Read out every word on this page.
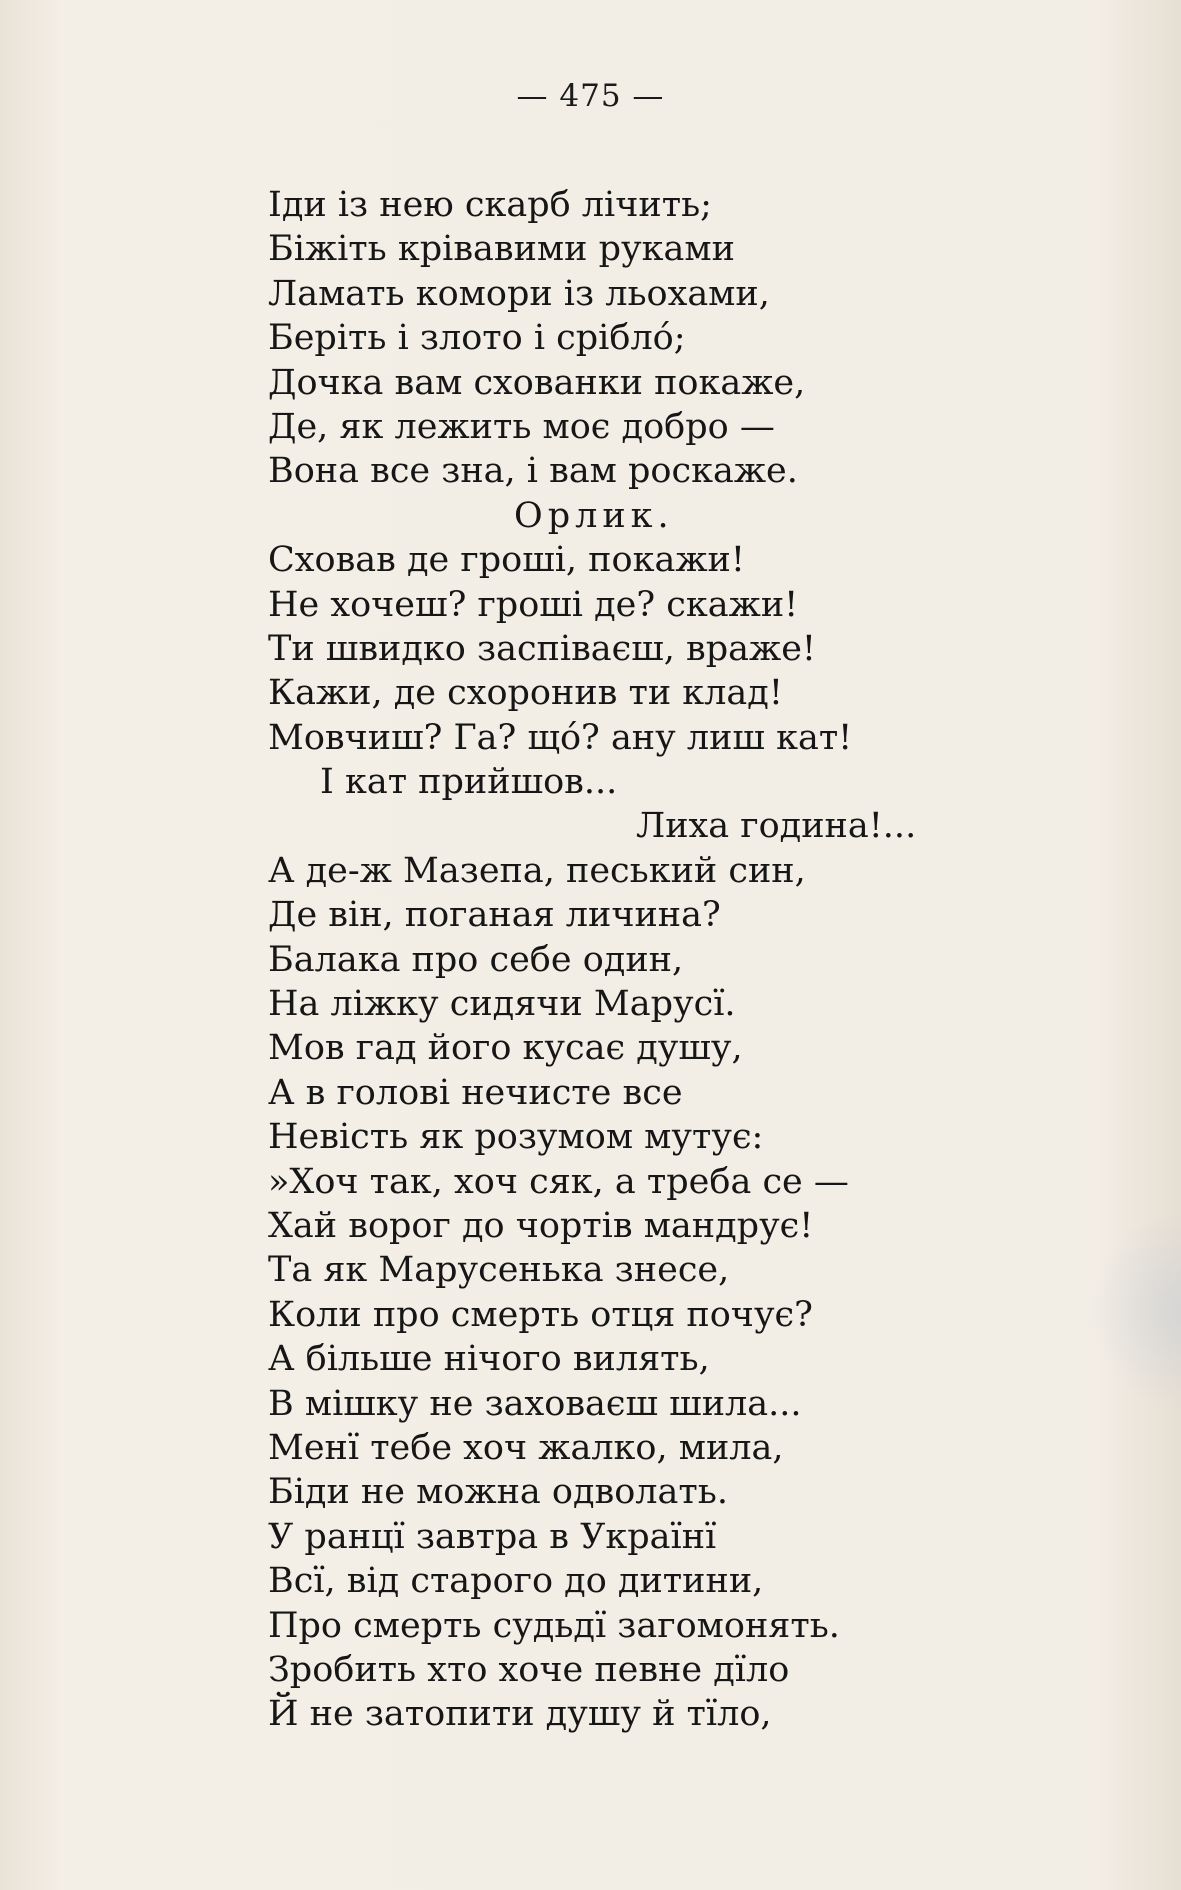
— 475 —
Іди із нею скарб лічить;
Біжіть крівавими руками
Ламать комори із льохами,
Беріть і злото і срібло́;
Дочка вам схованки покаже,
Де, як лежить моє добро —
Вона все зна, і вам роскаже.
Орлик.
Сховав де гроші, покажи!
Не хочеш? гроші де? скажи!
Ти швидко заспіваєш, враже!
Кажи, де схоронив ти клад!
Мовчиш? Га? що́? ану лиш кат!
І кат прийшов...
Лиха година!...
А де-ж Мазепа, песький син,
Де він, поганая личина?
Балака про себе один,
На ліжку сидячи Марусї.
Мов гад його кусає душу,
А в голові нечисте все
Невість як розумом мутує:
»Хоч так, хоч сяк, а треба се —
Хай ворог до чортів мандрує!
Та як Марусенька знесе,
Коли про смерть отця почує?
А більше нічого вилять,
В мішку не заховаєш шила...
Менї тебе хоч жалко, мила,
Біди не можна одволать.
У ранцї завтра в Українї
Всї, від старого до дитини,
Про смерть судьдї загомонять.
Зробить хто хоче певне дїло
Й не затопити душу й тїло,
